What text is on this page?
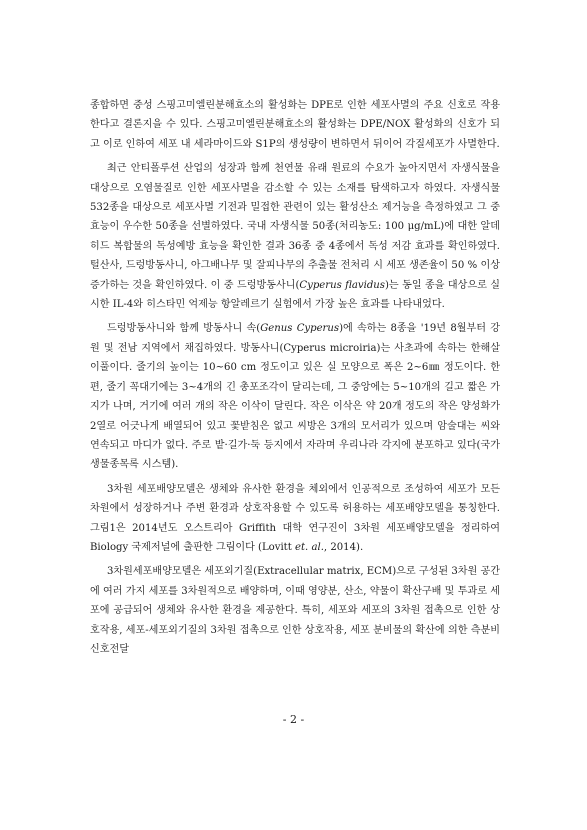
종합하면 중성 스핑고미엘린분해효소의 활성화는 DPE로 인한 세포사멸의 주요 신호로 작용한다고 결론지을 수 있다. 스핑고미엘린분해효소의 활성화는 DPE/NOX 활성화의 신호가 되고 이로 인하여 세포 내 세라마이드와 S1P의 생성량이 변하면서 뒤이어 각질세포가 사멸한다.

최근 안티폴루션 산업의 성장과 함께 천연물 유래 원료의 수요가 높아지면서 자생식물을 대상으로 오염물질로 인한 세포사멸을 감소할 수 있는 소재를 탐색하고자 하였다. 자생식물 532종을 대상으로 세포사멸 기전과 밀접한 관련이 있는 활성산소 제거능을 측정하였고 그 중 효능이 우수한 50종을 선별하였다. 국내 자생식물 50종(처리농도: 100 μg/mL)에 대한 알데히드 복합물의 독성예방 효능을 확인한 결과 36종 중 4종에서 독성 저감 효과를 확인하였다. 털산사, 드렁방동사니, 아그배나무 및 잘피나무의 추출물 전처리 시 세포 생존율이 50 % 이상 증가하는 것을 확인하였다. 이 중 드렁방동사니(Cyperus flavidus)는 동일 종을 대상으로 실시한 IL-4와 히스타민 억제능 항알레르기 실험에서 가장 높은 효과를 나타내었다.

드렁방동사니와 함께 방동사니 속(Genus Cyperus)에 속하는 8종을 '19년 8월부터 강원 및 전남 지역에서 채집하였다. 방동사니(Cyperus microiria)는 사초과에 속하는 한해살이풀이다. 줄기의 높이는 10~60 cm 정도이고 있은 실 모양으로 폭은 2~6㎜ 정도이다. 한편, 줄기 꼭대기에는 3~4개의 긴 총포조각이 달리는데, 그 중앙에는 5~10개의 길고 짧은 가지가 나며, 거기에 여러 개의 작은 이삭이 달린다. 작은 이삭은 약 20개 정도의 작은 양성화가 2열로 어긋나게 배열되어 있고 꽃받침은 없고 씨방은 3개의 모서리가 있으며 암술대는 씨와 연속되고 마디가 없다. 주로 밭·길가·둑 등지에서 자라며 우리나라 각지에 분포하고 있다(국가생물종목록 시스템).

3차원 세포배양모델은 생체와 유사한 환경을 체외에서 인공적으로 조성하여 세포가 모든 차원에서 성장하거나 주변 환경과 상호작용할 수 있도록 허용하는 세포배양모델을 통칭한다. 그림1은 2014년도 오스트리아 Griffith 대학 연구진이 3차원 세포배양모델을 정리하여 Biology 국제저널에 출판한 그림이다 (Lovitt et. al., 2014).

3차원세포배양모델은 세포외기질(Extracellular matrix, ECM)으로 구성된 3차원 공간에 여러 가지 세포를 3차원적으로 배양하며, 이때 영양분, 산소, 약물이 확산구배 및 투과로 세포에 공급되어 생체와 유사한 환경을 제공한다. 특히, 세포와 세포의 3차원 접촉으로 인한 상호작용, 세포-세포외기질의 3차원 접촉으로 인한 상호작용, 세포 분비물의 확산에 의한 측분비신호전달

- 2 -
